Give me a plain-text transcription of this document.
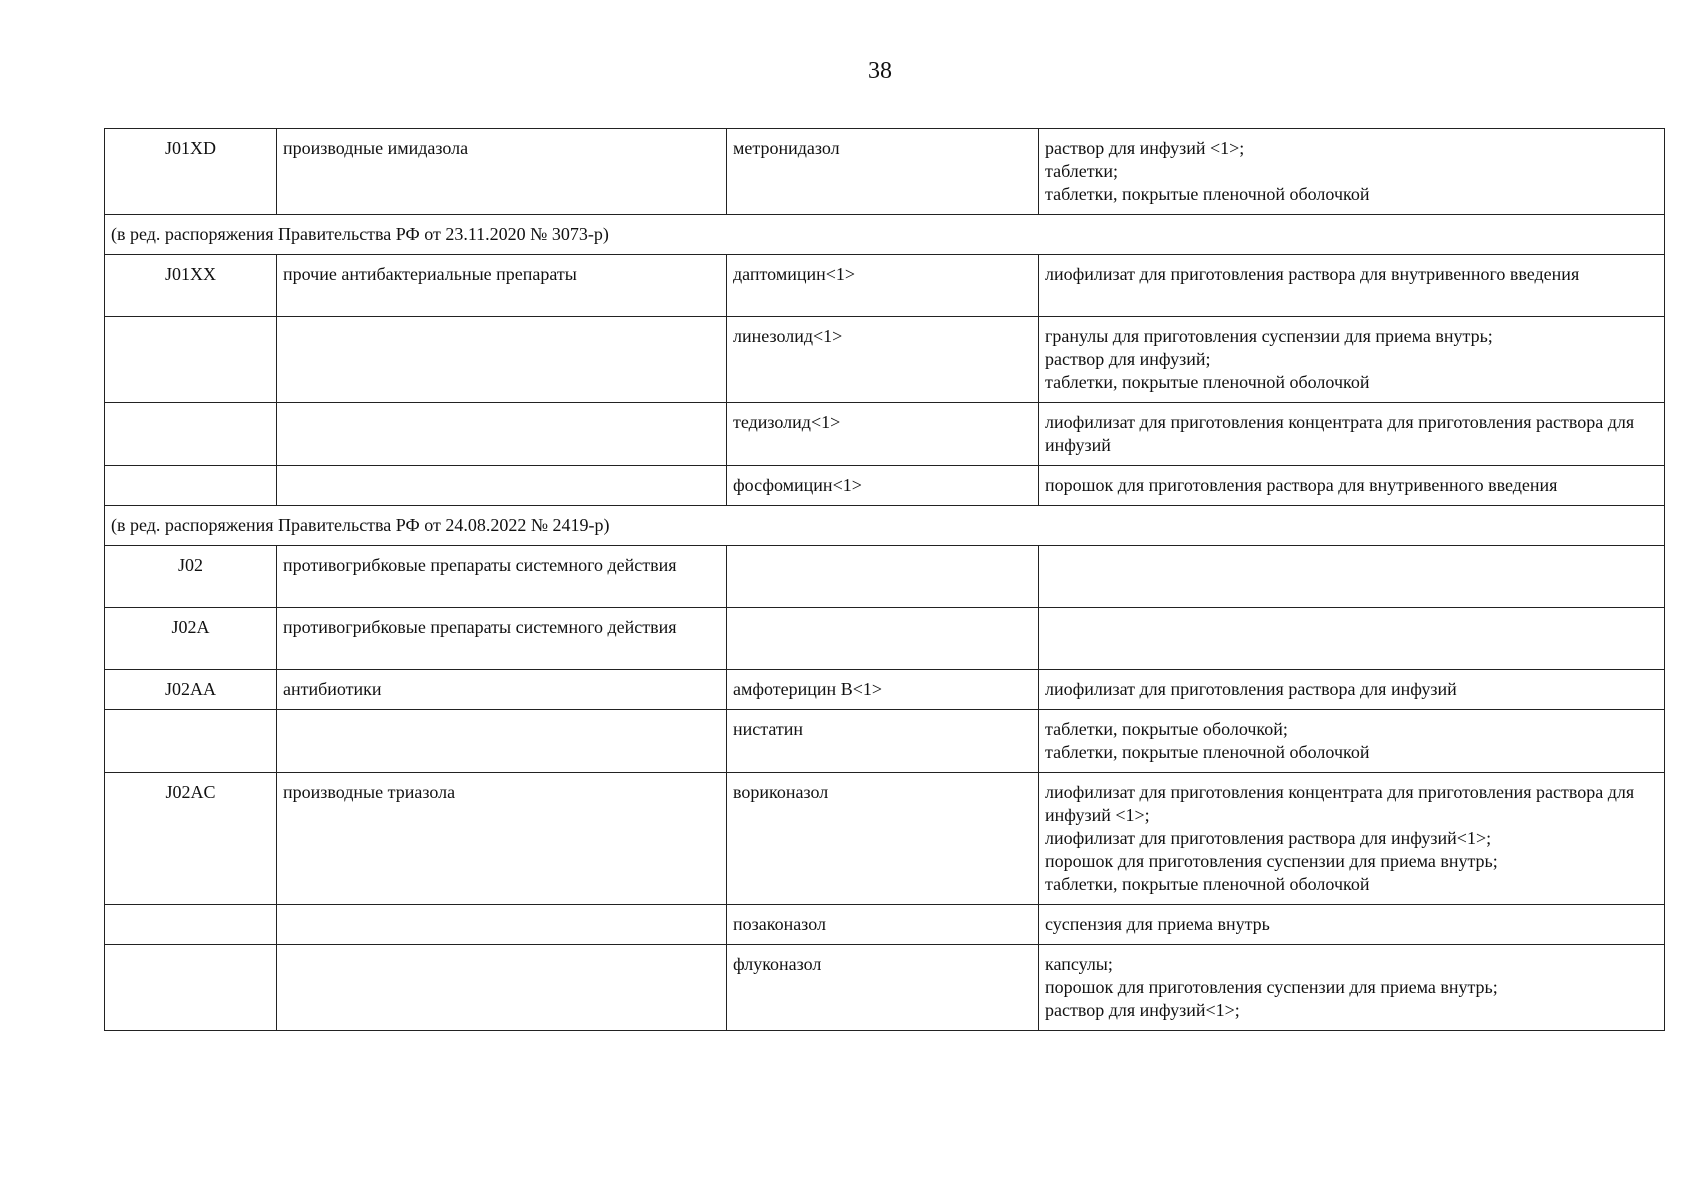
38
J01XD	производные имидазола	метронидазол	раствор для инфузий <1>;
таблетки;
таблетки, покрытые пленочной оболочкой

(в ред. распоряжения Правительства РФ от 23.11.2020 № 3073-р)			
J01XX	прочие антибактериальные препараты	даптомицин<1>	лиофилизат для приготовления раствора для внутривенного введения

		линезолид<1>	гранулы для приготовления суспензии для приема внутрь;
раствор для инфузий;
таблетки, покрытые пленочной оболочкой

		тедизолид<1>	лиофилизат для приготовления концентрата для приготовления раствора для инфузий

		фосфомицин<1>	порошок для приготовления раствора для внутривенного введения

(в ред. распоряжения Правительства РФ от 24.08.2022 № 2419-р)			
J02	противогрибковые препараты системного действия		
J02A	противогрибковые препараты системного действия		
J02AA	антибиотики	амфотерицин B<1>	лиофилизат для приготовления раствора для инфузий

		нистатин	таблетки, покрытые оболочкой;
таблетки, покрытые пленочной оболочкой

J02AC	производные триазола	вориконазол	лиофилизат для приготовления концентрата для приготовления раствора для инфузий <1>;
лиофилизат для приготовления раствора для инфузий<1>;
порошок для приготовления суспензии для приема внутрь;
таблетки, покрытые пленочной оболочкой

		позаконазол	суспензия для приема внутрь

		флуконазол	капсулы;
порошок для приготовления суспензии для приема внутрь;
раствор для инфузий<1>;
